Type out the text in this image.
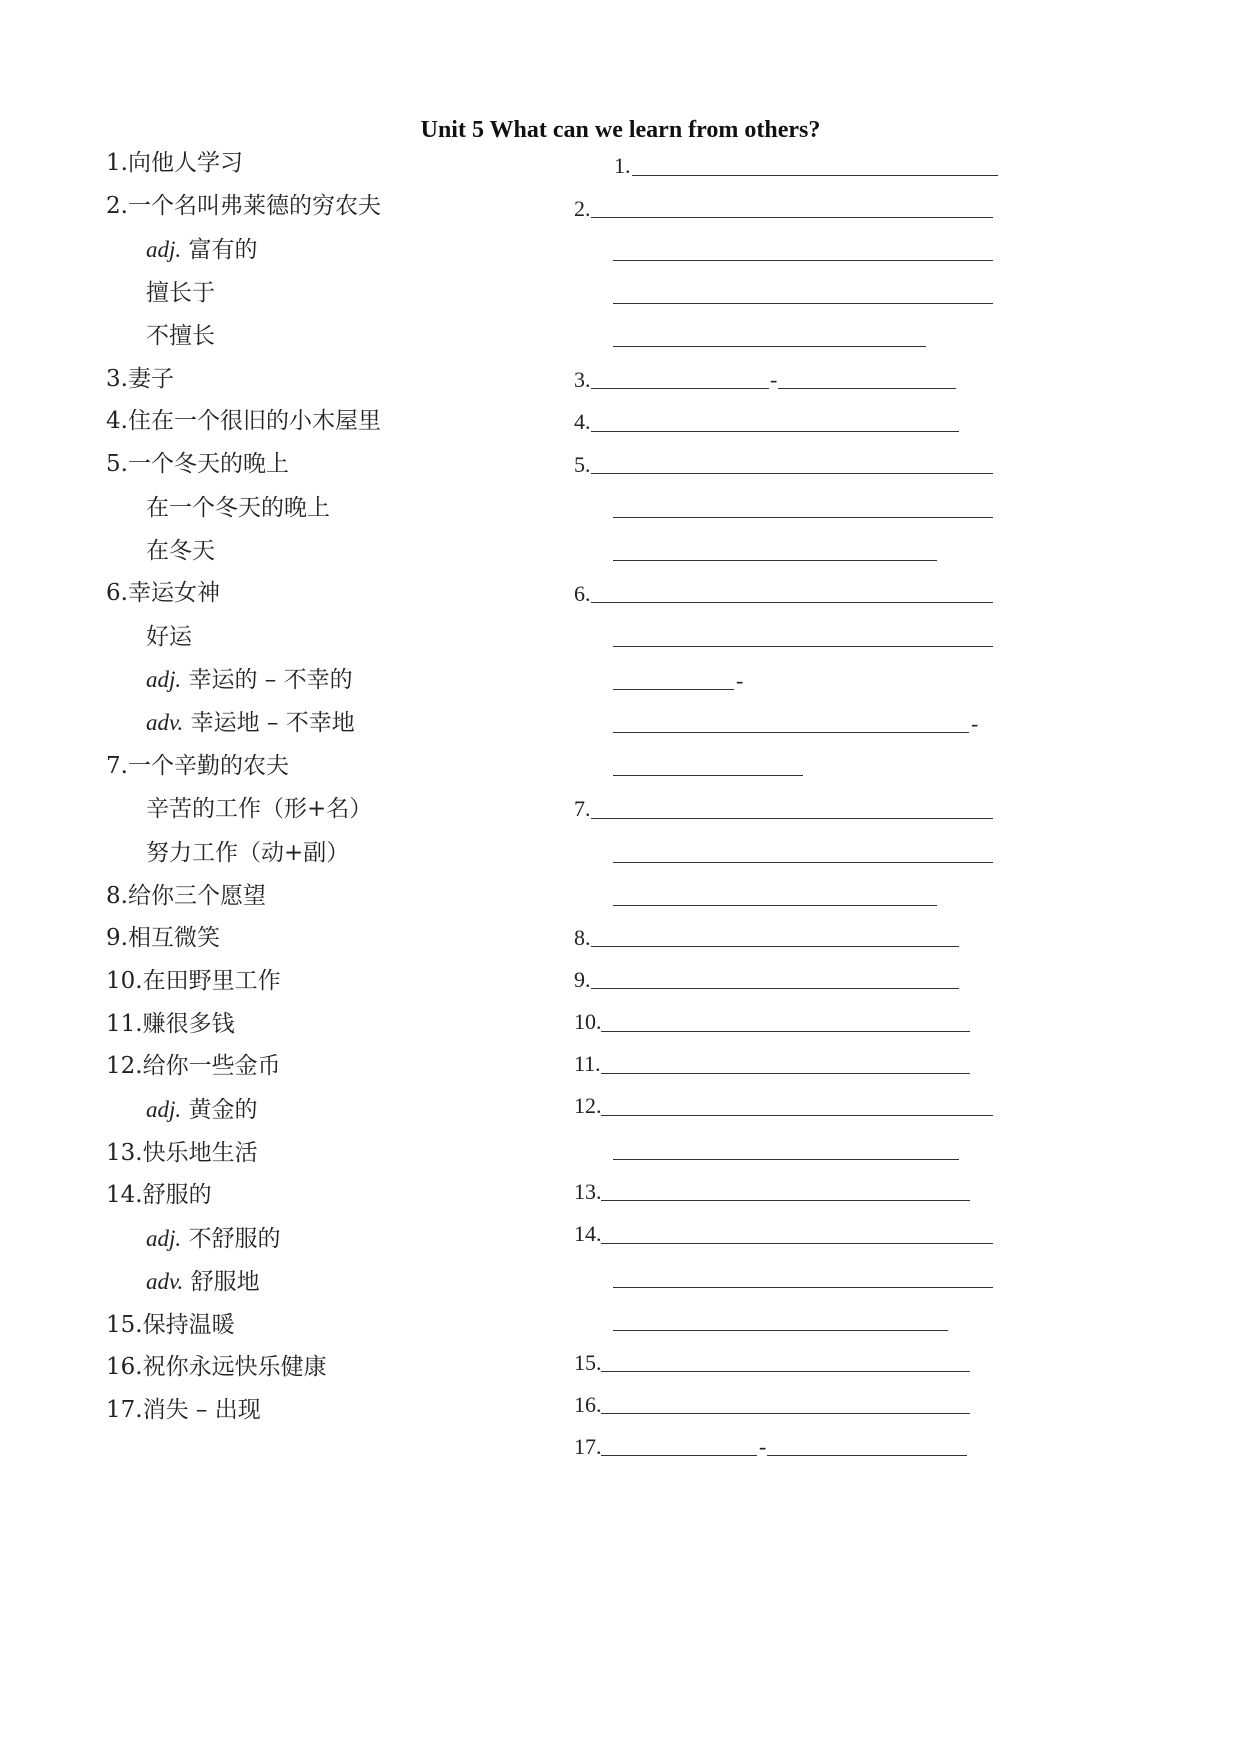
Unit 5 What can we learn from others?
1.向他人学习
2.一个名叫弗莱德的穷农夫
adj. 富有的
擅长于
不擅长
3.妻子
4.住在一个很旧的小木屋里
5.一个冬天的晚上
在一个冬天的晚上
在冬天
6.幸运女神
好运
adj. 幸运的 – 不幸的
adv. 幸运地 – 不幸地
7.一个辛勤的农夫
辛苦的工作（形+名）
努力工作（动+副）
8.给你三个愿望
9.相互微笑
10.在田野里工作
11.赚很多钱
12.给你一些金币
adj. 黄金的
13.快乐地生活
14.舒服的
adj. 不舒服的
adv. 舒服地
15.保持温暖
16.祝你永远快乐健康
17.消失 – 出现
1.
2.
3.	-
4.
5.
6.
-
-
7.
8.
9.
10.
11.
12.
13.
14.
15.
16.
17.	-
